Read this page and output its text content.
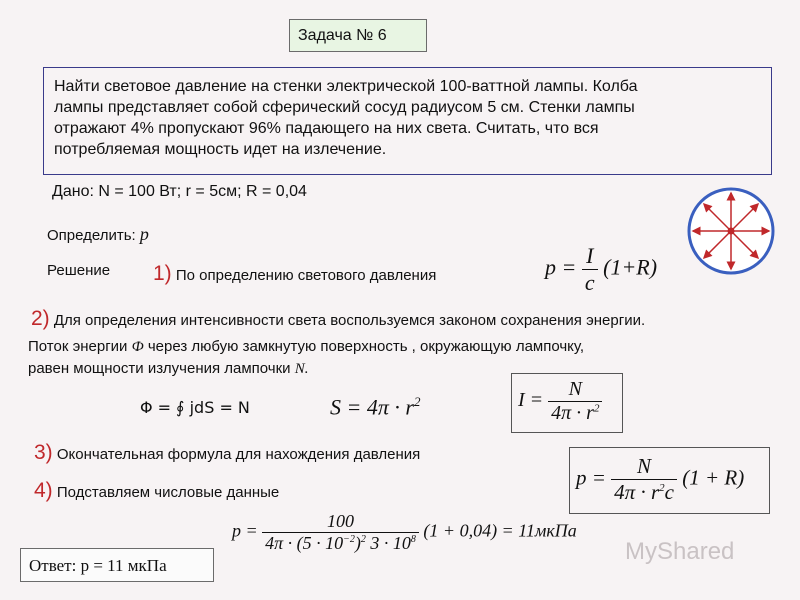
Задача № 6
Найти световое давление на стенки электрической 100-ваттной лампы. Колба
лампы представляет собой сферический сосуд радиусом 5 см. Стенки лампы
отражают 4% пропускают 96% падающего на них света. Считать, что вся
потребляемая мощность идет на излечение.
Дано: N = 100 Вт; r = 5см; R = 0,04
Определить: p
Решение 1) По определению светового давления	$p = \frac{I}{c} (1+R)$
2) Для определения интенсивности света воспользуемся законом сохранения энергии.
Поток энергии Ф через любую замкнутую поверхность , окружающую лампочку,
равен мощности излучения лампочки N.
Φ = ∮ jdS = N	$S = 4\pi \cdot r^2$	$I = \frac{N}{4\pi \cdot r^2}$
3) Окончательная формула для нахождения давления
$p = \frac{N}{4\pi \cdot r^2c} (1 + R)$
4) Подставляем числовые данные
$p = \frac{100}{4\pi \cdot (5 \cdot 10^{-2})^2 3 \cdot 10^8} (1 + 0,04)$ = 11мкПа
MyShared
Ответ: р = 11 мкПа
